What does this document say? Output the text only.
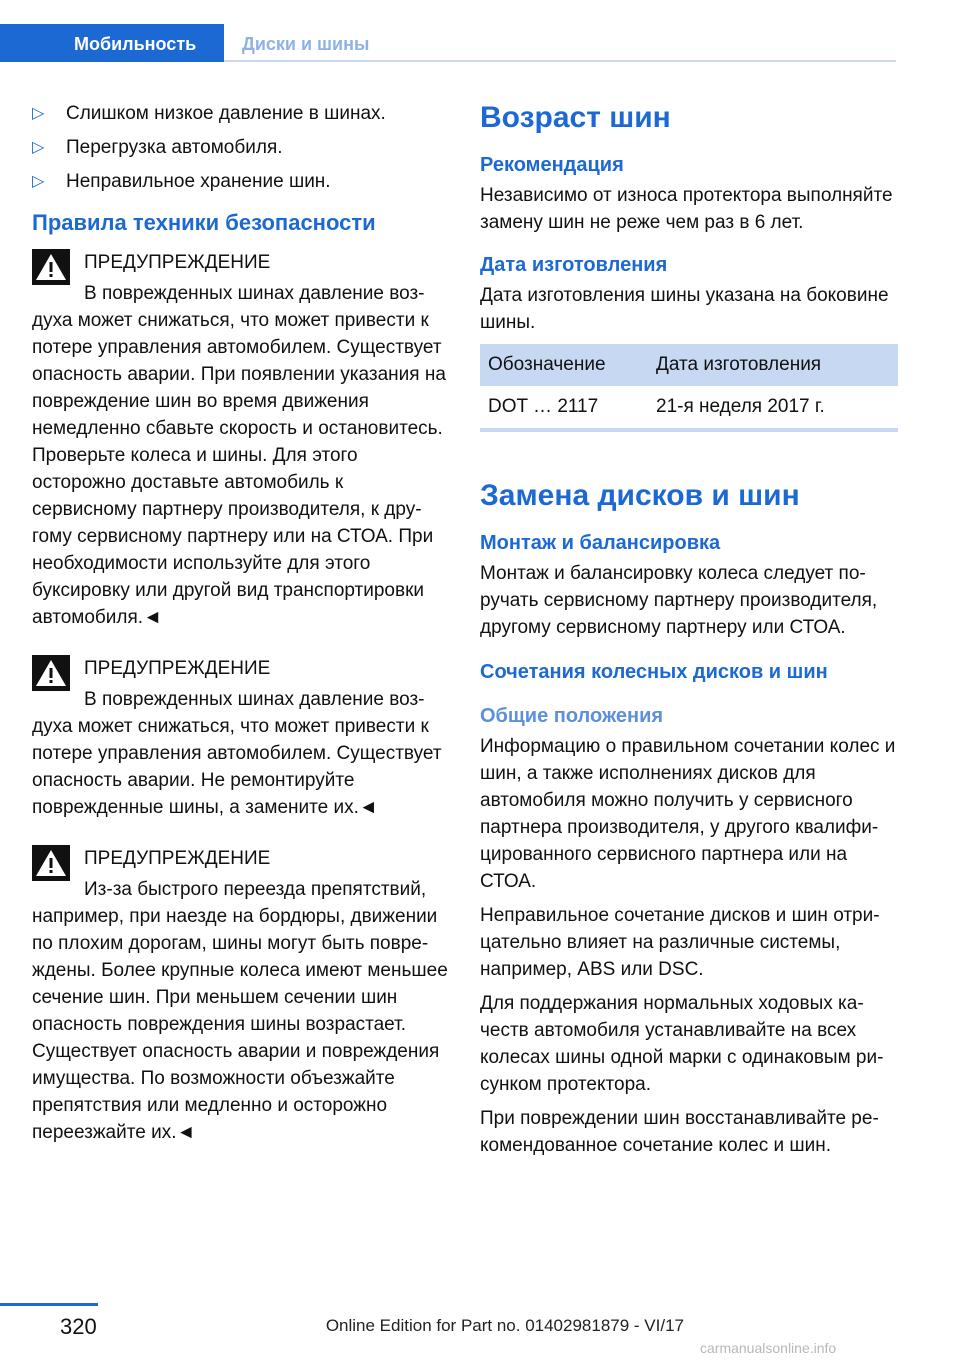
Мобильность	Диски и шины
▷ Слишком низкое давление в шинах.
▷ Перегрузка автомобиля.
▷ Неправильное хранение шин.
Правила техники безопасности

ПРЕДУПРЕЖДЕНИЕ

В поврежденных шинах давление воздуха может снижаться, что может привести к потере управления автомобилем. Существует опасность аварии. При появлении указания на повреждение шин во время движения немедленно сбавьте скорость и остановитесь. Проверьте колеса и шины. Для этого осторожно доставьте автомобиль к сервисному партнеру производителя, к другому сервисному партнеру или на СТОА. При необходимости используйте для этого буксировку или другой вид транспортировки автомобиля.◄

ПРЕДУПРЕЖДЕНИЕ

В поврежденных шинах давление воздуха может снижаться, что может привести к потере управления автомобилем. Существует опасность аварии. Не ремонтируйте поврежденные шины, а замените их.◄

ПРЕДУПРЕЖДЕНИЕ

Из-за быстрого переезда препятствий, например, при наезде на бордюры, движении по плохим дорогам, шины могут быть повреждены. Более крупные колеса имеют меньшее сечение шин. При меньшем сечении шин опасность повреждения шины возрастает. Существует опасность аварии и повреждения имущества. По возможности объезжайте препятствия или медленно и осторожно переезжайте их.◄

Возраст шин
Рекомендация

Независимо от износа протектора выполняйте замену шин не реже чем раз в 6 лет.

Дата изготовления

Дата изготовления шины указана на боковине шины.

Обозначение	Дата изготовления
DOT … 2117	21-я неделя 2017 г.
Замена дисков и шин
Монтаж и балансировка

Монтаж и балансировку колеса следует поручать сервисному партнеру производителя, другому сервисному партнеру или СТОА.

Сочетания колесных дисков и шин
Общие положения

Информацию о правильном сочетании колес и шин, а также исполнениях дисков для автомобиля можно получить у сервисного партнера производителя, у другого квалифицированного сервисного партнера или на СТОА.

Неправильное сочетание дисков и шин отрицательно влияет на различные системы, например, ABS или DSC.

Для поддержания нормальных ходовых качеств автомобиля устанавливайте на всех колесах шины одной марки с одинаковым рисунком протектора.

При повреждении шин восстанавливайте рекомендованное сочетание колес и шин.

320	Online Edition for Part no. 01402981879 - VI/17
carmanualsonline.info
